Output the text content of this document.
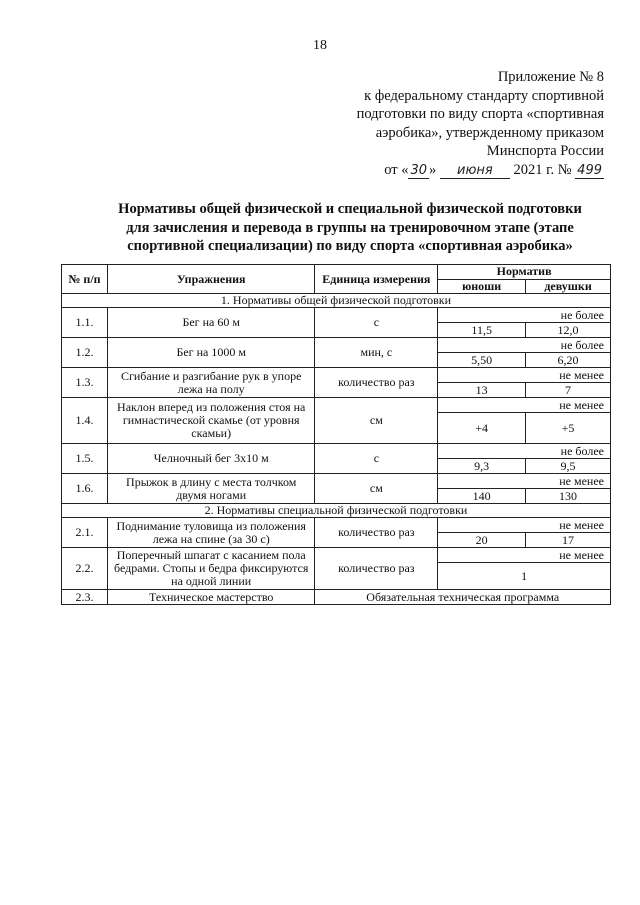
18
Приложение № 8
к федеральному стандарту спортивной
подготовки по виду спорта «спортивная
аэробика», утвержденному приказом
Минспорта России
от « 30 » июня 2021 г. № 499
Нормативы общей физической и специальной физической подготовки
для зачисления и перевода в группы на тренировочном этапе (этапе
спортивной специализации) по виду спорта «спортивная аэробика»
№ п/п	Упражнения	Единица измерения	Норматив	
			юноши	девушки
1. Нормативы общей физической подготовки				
1.1.	Бег на 60 м	с	не более	
			11,5	12,0
1.2.	Бег на 1000 м	мин, с	не более	
			5,50	6,20
1.3.	Сгибание и разгибание рук в упоре лежа на полу	количество раз	не менее	
			13	7
1.4.	Наклон вперед из положения стоя на гимнастической скамье (от уровня скамьи)	см	не менее	
			+4	+5
1.5.	Челночный бег 3х10 м	с	не более	
			9,3	9,5
1.6.	Прыжок в длину с места толчком двумя ногами	см	не менее	
			140	130
2. Нормативы специальной физической подготовки				
2.1.	Поднимание туловища из положения лежа на спине (за 30 с)	количество раз	не менее	
			20	17
2.2.	Поперечный шпагат с касанием пола бедрами. Стопы и бедра фиксируются на одной линии	количество раз	не менее	
			1	
2.3.	Техническое мастерство	Обязательная техническая программа		
